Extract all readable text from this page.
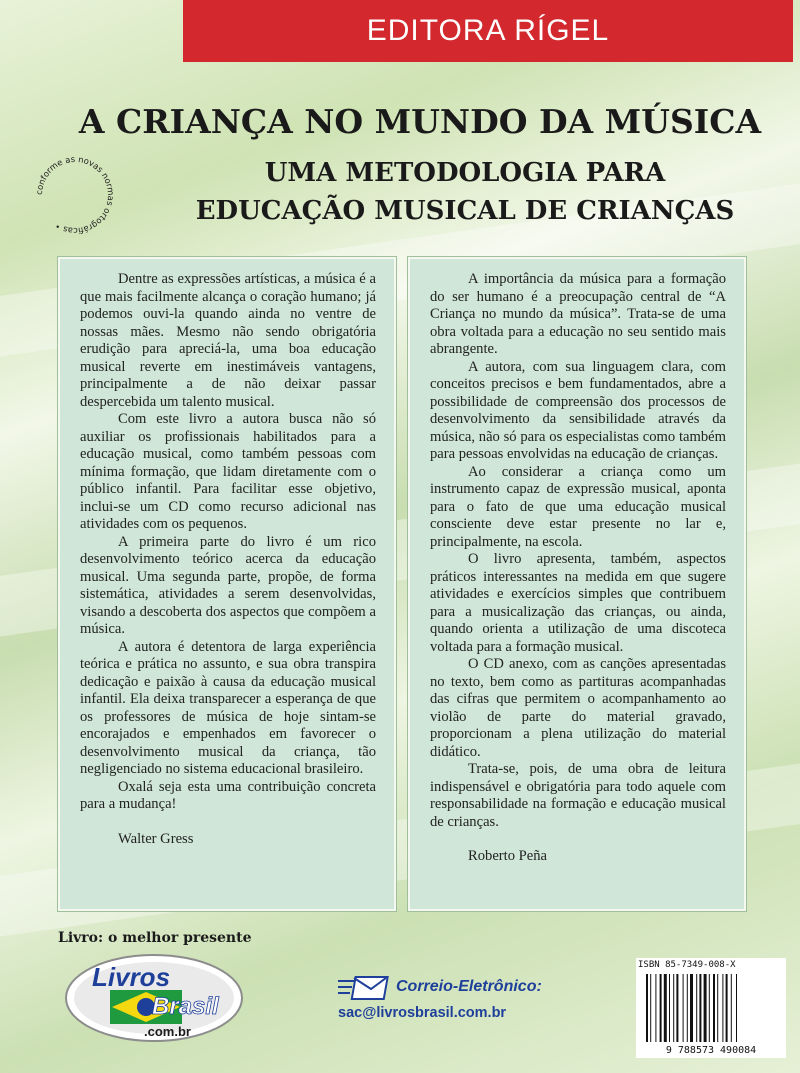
EDITORA RÍGEL
A CRIANÇA NO MUNDO DA MÚSICA
UMA METODOLOGIA PARA
EDUCAÇÃO MUSICAL DE CRIANÇAS
conforme as novas normas ortográficas •

Dentre as expressões artísticas, a música é a que mais facilmente alcança o coração humano; já podemos ouvi-la quando ainda no ventre de nossas mães. Mesmo não sendo obrigatória erudição para apreciá-la, uma boa educação musical reverte em inestimáveis vantagens, principalmente a de não deixar passar despercebida um talento musical.

Com este livro a autora busca não só auxiliar os profissionais habilitados para a educação musical, como também pessoas com mínima formação, que lidam diretamente com o público infantil. Para facilitar esse objetivo, inclui-se um CD como recurso adicional nas atividades com os pequenos.

A primeira parte do livro é um rico desenvolvimento teórico acerca da educação musical. Uma segunda parte, propõe, de forma sistemática, atividades a serem desenvolvidas, visando a descoberta dos aspectos que compõem a música.

A autora é detentora de larga experiência teórica e prática no assunto, e sua obra transpira dedicação e paixão à causa da educação musical infantil. Ela deixa transparecer a esperança de que os professores de música de hoje sintam-se encorajados e empenhados em favorecer o desenvolvimento musical da criança, tão negligenciado no sistema educacional brasileiro.

Oxalá seja esta uma contribuição concreta para a mudança!

Walter Gress

A importância da música para a formação do ser humano é a preocupação central de “A Criança no mundo da música”. Trata-se de uma obra voltada para a educação no seu sentido mais abrangente.

A autora, com sua linguagem clara, com conceitos precisos e bem fundamentados, abre a possibilidade de compreensão dos processos de desenvolvimento da sensibilidade através da música, não só para os especialistas como também para pessoas envolvidas na educação de crianças.

Ao considerar a criança como um instrumento capaz de expressão musical, aponta para o fato de que uma educação musical consciente deve estar presente no lar e, principalmente, na escola.

O livro apresenta, também, aspectos práticos interessantes na medida em que sugere atividades e exercícios simples que contribuem para a musicalização das crianças, ou ainda, quando orienta a utilização de uma discoteca voltada para a formação musical.

O CD anexo, com as canções apresentadas no texto, bem como as partituras acompanhadas das cifras que permitem o acompanhamento ao violão de parte do material gravado, proporcionam a plena utilização do material didático.

Trata-se, pois, de uma obra de leitura indispensável e obrigatória para todo aquele com responsabilidade na formação e educação musical de crianças.

Roberto Peña

Livro: o melhor presente
Livros
Brasil
.com.br
Correio-Eletrônico:
sac@livrosbrasil.com.br
ISBN 85-7349-008-X
9 788573 490084
